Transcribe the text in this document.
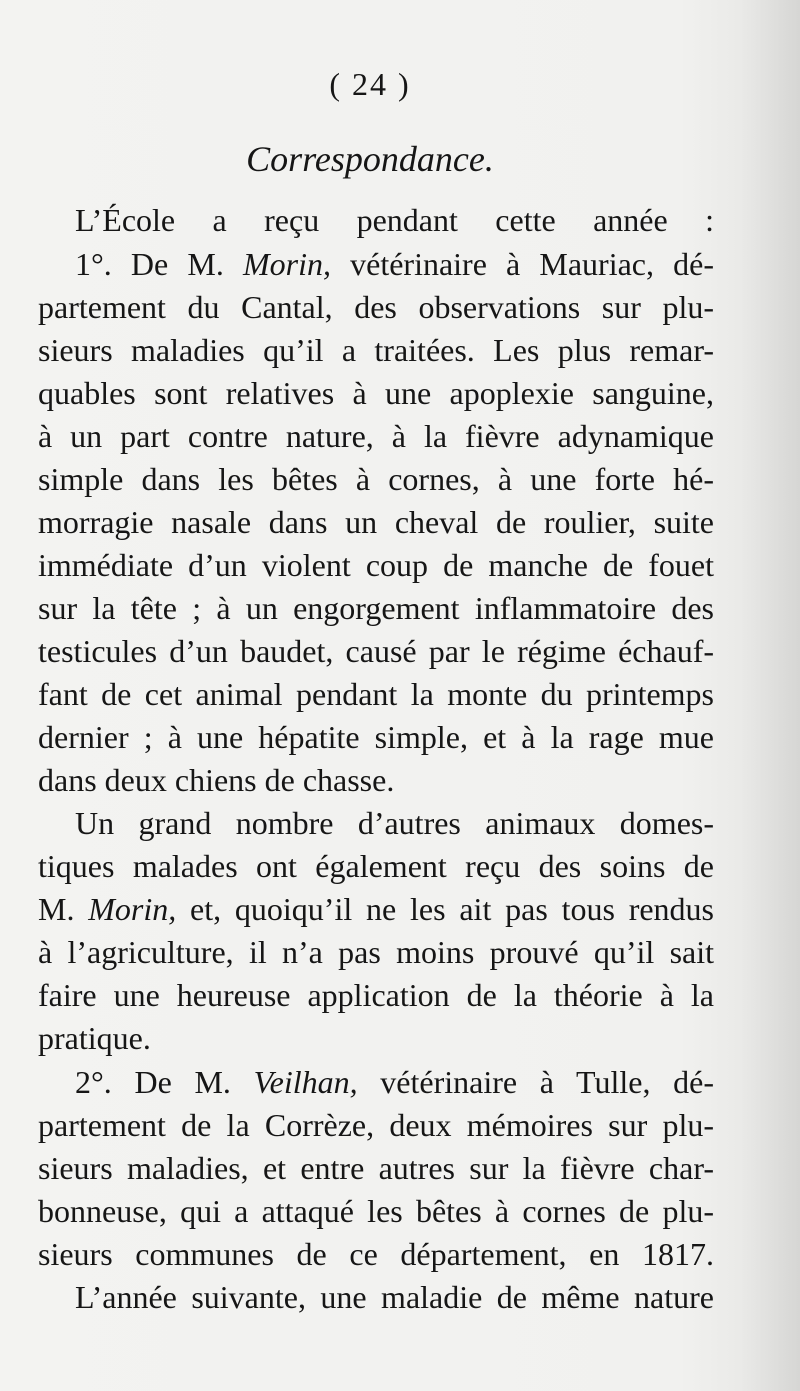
( 24 )
Correspondance.
L’École a reçu pendant cette année :
1°. De M. Morin, vétérinaire à Mauriac, dé-
partement du Cantal, des observations sur plu-
sieurs maladies qu’il a traitées. Les plus remar-
quables sont relatives à une apoplexie sanguine,
à un part contre nature, à la fièvre adynamique
simple dans les bêtes à cornes, à une forte hé-
morragie nasale dans un cheval de roulier, suite
immédiate d’un violent coup de manche de fouet
sur la tête ; à un engorgement inflammatoire des
testicules d’un baudet, causé par le régime échauf-
fant de cet animal pendant la monte du printemps
dernier ; à une hépatite simple, et à la rage mue
dans deux chiens de chasse.
Un grand nombre d’autres animaux domes-
tiques malades ont également reçu des soins de
M. Morin, et, quoiqu’il ne les ait pas tous rendus
à l’agriculture, il n’a pas moins prouvé qu’il sait
faire une heureuse application de la théorie à la
pratique.
2°. De M. Veilhan, vétérinaire à Tulle, dé-
partement de la Corrèze, deux mémoires sur plu-
sieurs maladies, et entre autres sur la fièvre char-
bonneuse, qui a attaqué les bêtes à cornes de plu-
sieurs communes de ce département, en 1817.
L’année suivante, une maladie de même nature
